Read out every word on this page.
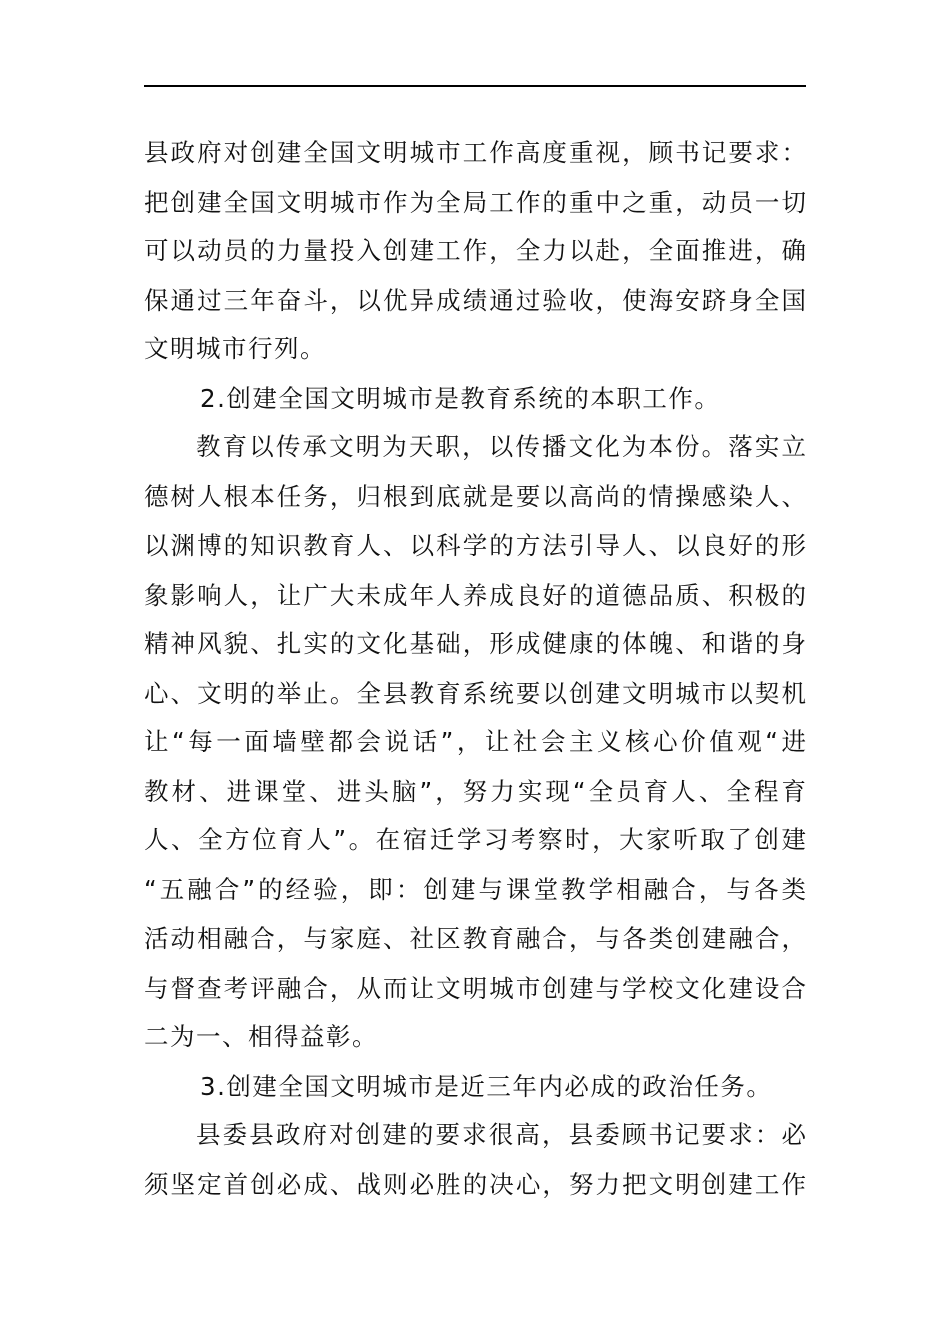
县政府对创建全国文明城市工作高度重视，顾书记要求：
把创建全国文明城市作为全局工作的重中之重，动员一切
可以动员的力量投入创建工作，全力以赴，全面推进，确
保通过三年奋斗，以优异成绩通过验收，使海安跻身全国
文明城市行列。
2.创建全国文明城市是教育系统的本职工作。
教育以传承文明为天职，以传播文化为本份。落实立
德树人根本任务，归根到底就是要以高尚的情操感染人、
以渊博的知识教育人、以科学的方法引导人、以良好的形
象影响人，让广大未成年人养成良好的道德品质、积极的
精神风貌、扎实的文化基础，形成健康的体魄、和谐的身
心、文明的举止。全县教育系统要以创建文明城市以契机
让“每一面墙壁都会说话”，让社会主义核心价值观“进
教材、进课堂、进头脑”，努力实现“全员育人、全程育
人、全方位育人”。在宿迁学习考察时，大家听取了创建
“五融合”的经验，即：创建与课堂教学相融合，与各类
活动相融合，与家庭、社区教育融合，与各类创建融合，
与督查考评融合，从而让文明城市创建与学校文化建设合
二为一、相得益彰。
3.创建全国文明城市是近三年内必成的政治任务。
县委县政府对创建的要求很高，县委顾书记要求：必
须坚定首创必成、战则必胜的决心，努力把文明创建工作
